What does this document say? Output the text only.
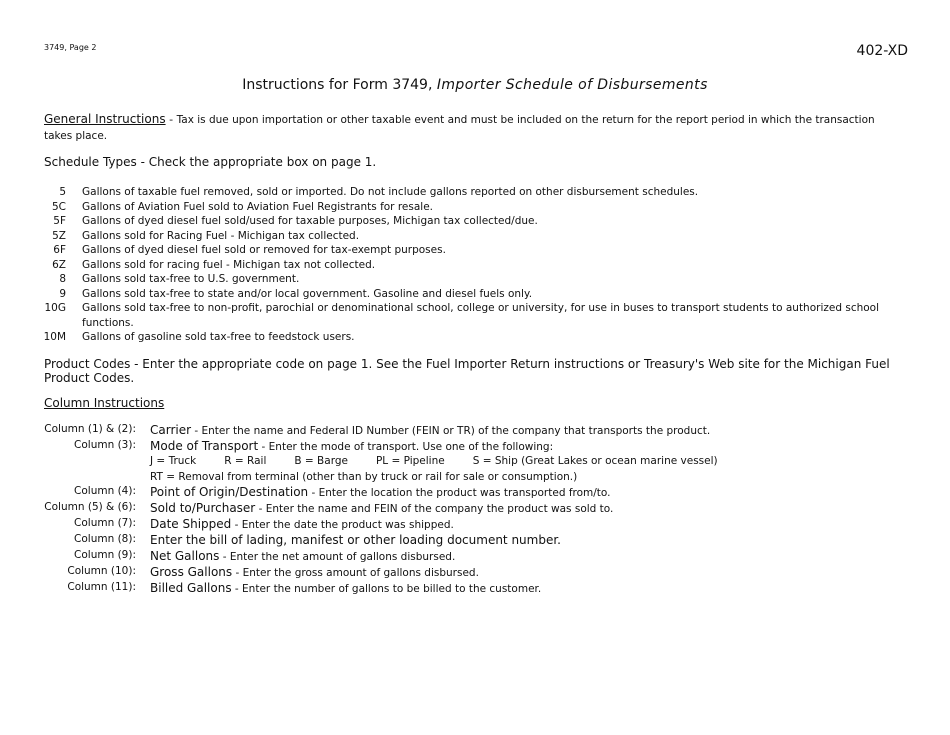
3749, Page 2	402-XD
Instructions for Form 3749, Importer Schedule of Disbursements
General Instructions - Tax is due upon importation or other taxable event and must be included on the return for the report period in which the transaction takes place.
Schedule Types - Check the appropriate box on page 1.
5	Gallons of taxable fuel removed, sold or imported. Do not include gallons reported on other disbursement schedules.
5C	Gallons of Aviation Fuel sold to Aviation Fuel Registrants for resale.
5F	Gallons of dyed diesel fuel sold/used for taxable purposes, Michigan tax collected/due.
5Z	Gallons sold for Racing Fuel - Michigan tax collected.
6F	Gallons of dyed diesel fuel sold or removed for tax-exempt purposes.
6Z	Gallons sold for racing fuel - Michigan tax not collected.
8	Gallons sold tax-free to U.S. government.
9	Gallons sold tax-free to state and/or local government. Gasoline and diesel fuels only.
10G	Gallons sold tax-free to non-profit, parochial or denominational school, college or university, for use in buses to transport students to authorized school functions.
10M	Gallons of gasoline sold tax-free to feedstock users.
Product Codes - Enter the appropriate code on page 1. See the Fuel Importer Return instructions or Treasury's Web site for the Michigan Fuel Product Codes.
Column Instructions
Column (1) & (2):		Carrier - Enter the name and Federal ID Number (FEIN or TR) of the company that transports the product.
Column (3):		Mode of Transport - Enter the mode of transport. Use one of the following:

		J = Truck R = Rail B = Barge PL = Pipeline S = Ship (Great Lakes or ocean marine vessel)

		RT = Removal from terminal (other than by truck or rail for sale or consumption.)
Column (4):		Point of Origin/Destination - Enter the location the product was transported from/to.
Column (5) & (6):		Sold to/Purchaser - Enter the name and FEIN of the company the product was sold to.
Column (7):		Date Shipped - Enter the date the product was shipped.
Column (8):		Enter the bill of lading, manifest or other loading document number.
Column (9):		Net Gallons - Enter the net amount of gallons disbursed.
Column (10):		Gross Gallons - Enter the gross amount of gallons disbursed.
Column (11):		Billed Gallons - Enter the number of gallons to be billed to the customer.
